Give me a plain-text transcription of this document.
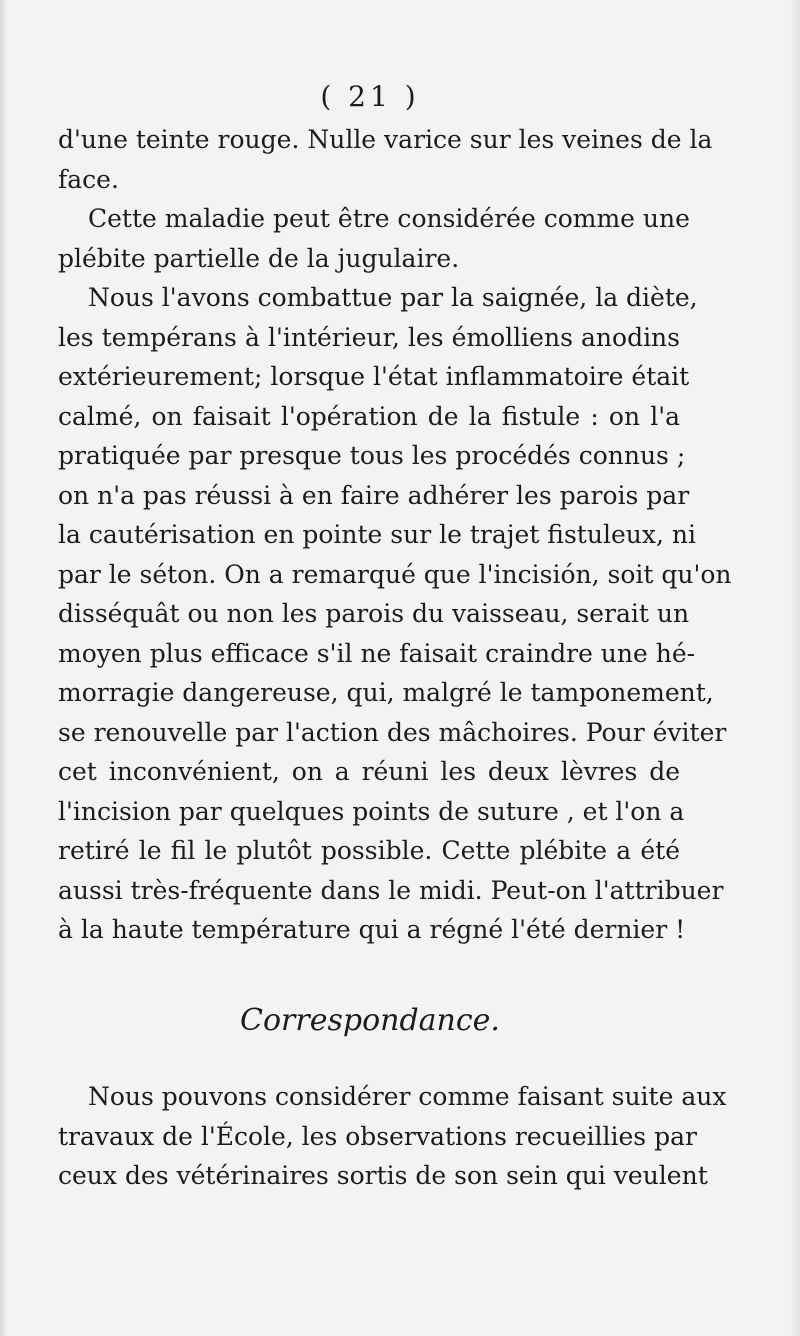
( 21 )
d'une teinte rouge. Nulle varice sur les veines de la
face.
Cette maladie peut être considérée comme une
plébite partielle de la jugulaire.
Nous l'avons combattue par la saignée, la diète,
les tempérans à l'intérieur, les émolliens anodins
extérieurement; lorsque l'état inflammatoire était
calmé, on faisait l'opération de la fistule : on l'a
pratiquée par presque tous les procédés connus ;
on n'a pas réussi à en faire adhérer les parois par
la cautérisation en pointe sur le trajet fistuleux, ni
par le séton. On a remarqué que l'incisión, soit qu'on
disséquât ou non les parois du vaisseau, serait un
moyen plus efficace s'il ne faisait craindre une hé-
morragie dangereuse, qui, malgré le tamponement,
se renouvelle par l'action des mâchoires. Pour éviter
cet inconvénient, on a réuni les deux lèvres de
l'incision par quelques points de suture , et l'on a
retiré le fil le plutôt possible. Cette plébite a été
aussi très-fréquente dans le midi. Peut-on l'attribuer
à la haute température qui a régné l'été dernier !
Correspondance.
Nous pouvons considérer comme faisant suite aux
travaux de l'École, les observations recueillies par
ceux des vétérinaires sortis de son sein qui veulent
